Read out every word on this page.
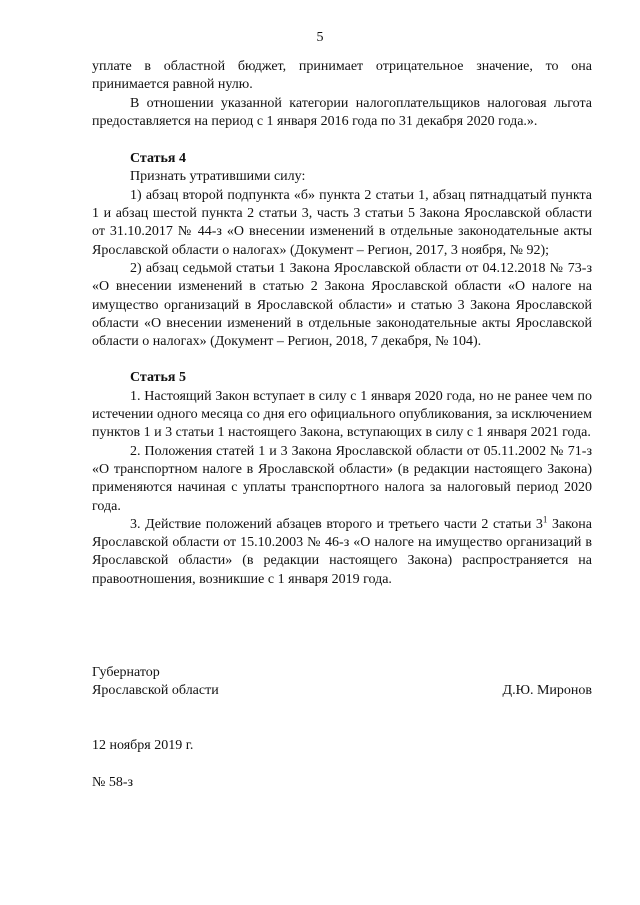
5

уплате в областной бюджет, принимает отрицательное значение, то она принимается равной нулю.

В отношении указанной категории налогоплательщиков налоговая льгота предоставляется на период с 1 января 2016 года по 31 декабря 2020 года.».

Статья 4

Признать утратившими силу:

1) абзац второй подпункта «б» пункта 2 статьи 1, абзац пятнадцатый пункта 1 и абзац шестой пункта 2 статьи 3, часть 3 статьи 5 Закона Ярославской области от 31.10.2017 № 44-з «О внесении изменений в отдельные законодательные акты Ярославской области о налогах» (Документ – Регион, 2017, 3 ноября, № 92);

2) абзац седьмой статьи 1 Закона Ярославской области от 04.12.2018 № 73-з «О внесении изменений в статью 2 Закона Ярославской области «О налоге на имущество организаций в Ярославской области» и статью 3 Закона Ярославской области «О внесении изменений в отдельные законодательные акты Ярославской области о налогах» (Документ – Регион, 2018, 7 декабря, № 104).

Статья 5

1. Настоящий Закон вступает в силу с 1 января 2020 года, но не ранее чем по истечении одного месяца со дня его официального опубликования, за исключением пунктов 1 и 3 статьи 1 настоящего Закона, вступающих в силу с 1 января 2021 года.

2. Положения статей 1 и 3 Закона Ярославской области от 05.11.2002 № 71-з «О транспортном налоге в Ярославской области» (в редакции настоящего Закона) применяются начиная с уплаты транспортного налога за налоговый период 2020 года.

3. Действие положений абзацев второго и третьего части 2 статьи $3^1$ Закона Ярославской области от 15.10.2003 № 46-з «О налоге на имущество организаций в Ярославской области» (в редакции настоящего Закона) распространяется на правоотношения, возникшие с 1 января 2019 года.

Губернатор
Ярославской области	Д.Ю. Миронов
12 ноября 2019 г.
№ 58-з
